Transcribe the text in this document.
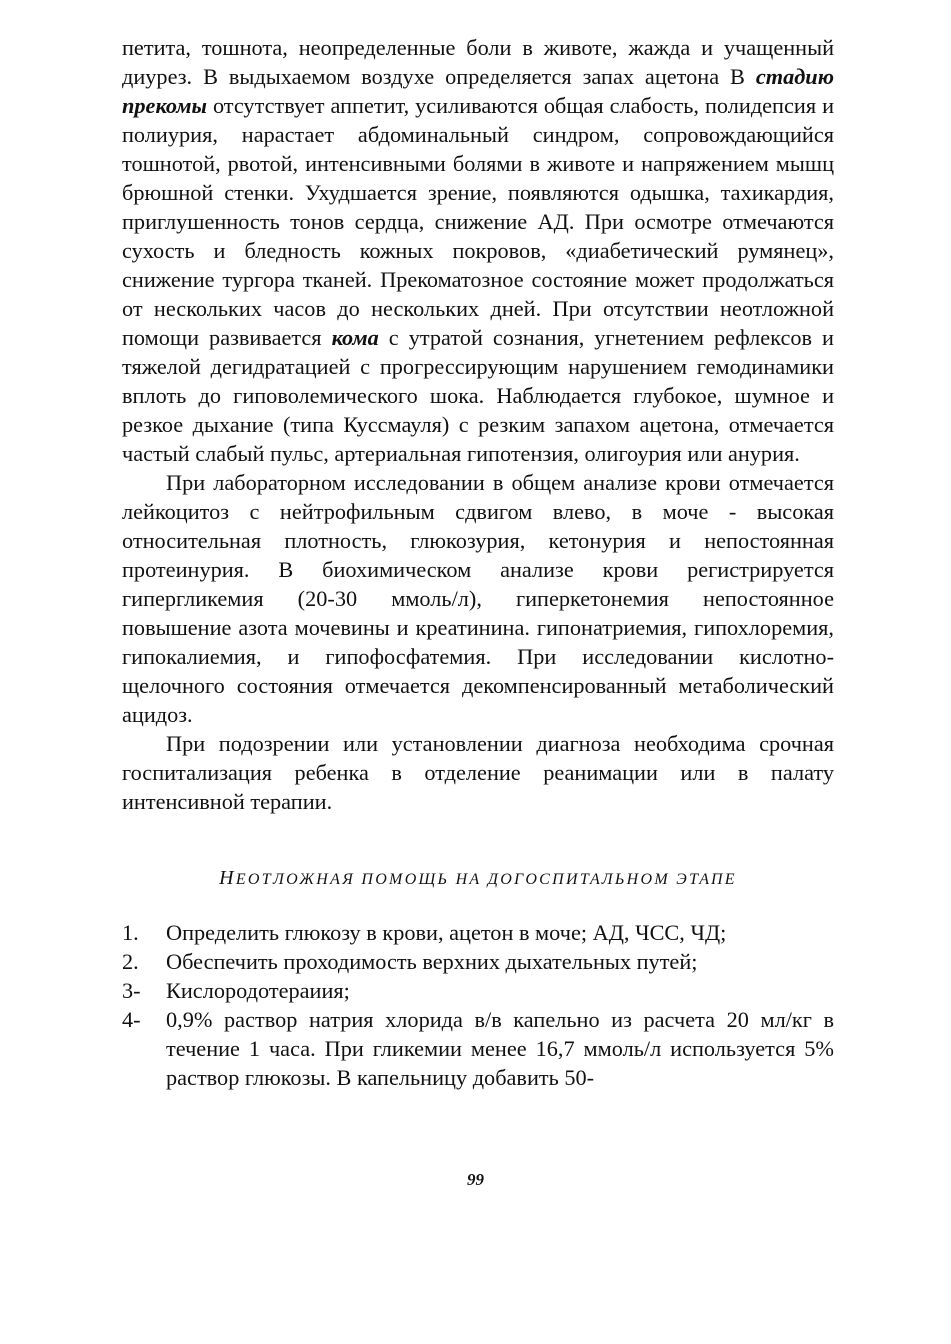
петита, тошнота, неопределенные боли в животе, жажда и учащенный диурез. В выдыхаемом воздухе определяется запах ацетона В стадию прекомы отсутствует аппетит, усиливаются общая слабость, полидепсия и полиурия, нарастает абдоминальный синдром, сопровождающийся тошнотой, рвотой, интенсивными болями в животе и напряжением мышц брюшной стенки. Ухудшается зрение, появляются одышка, тахикардия, приглушенность тонов сердца, снижение АД. При осмотре отмечаются сухость и бледность кожных покровов, «диабетический румянец», снижение тургора тканей. Прекоматозное состояние может продолжаться от нескольких часов до нескольких дней. При отсутствии неотложной помощи развивается кома с утратой сознания, угнетением рефлексов и тяжелой дегидратацией с прогрессирующим нарушением гемодинамики вплоть до гиповолемического шока. Наблюдается глубокое, шумное и резкое дыхание (типа Куссмауля) с резким запахом ацетона, отмечается частый слабый пульс, артериальная гипотензия, олигоурия или анурия.

При лабораторном исследовании в общем анализе крови отмечается лейкоцитоз с нейтрофильным сдвигом влево, в моче - высокая относительная плотность, глюкозурия, кетонурия и непостоянная протеинурия. В биохимическом анализе крови регистрируется гипергликемия (20-30 ммоль/л), гиперкетонемия непостоянное повышение азота мочевины и креатинина. гипонатриемия, гипохлоремия, гипокалиемия, и гипофосфатемия. При исследовании кислотно-щелочного состояния отмечается декомпенсированный метаболический ацидоз.

При подозрении или установлении диагноза необходима срочная госпитализация ребенка в отделение реанимации или в палату интенсивной терапии.

НЕОТЛОЖНАЯ ПОМОЩЬ НА ДОГОСПИТАЛЬНОМ ЭТАПЕ
1.	Определить глюкозу в крови, ацетон в моче; АД, ЧСС, ЧД;
2.	Обеспечить проходимость верхних дыхательных путей;
3-	Кислородотераиия;
4-	0,9% раствор натрия хлорида в/в капельно из расчета 20 мл/кг в течение 1 часа. При гликемии менее 16,7 ммоль/л используется 5% раствор глюкозы. В капельницу добавить 50-
99
